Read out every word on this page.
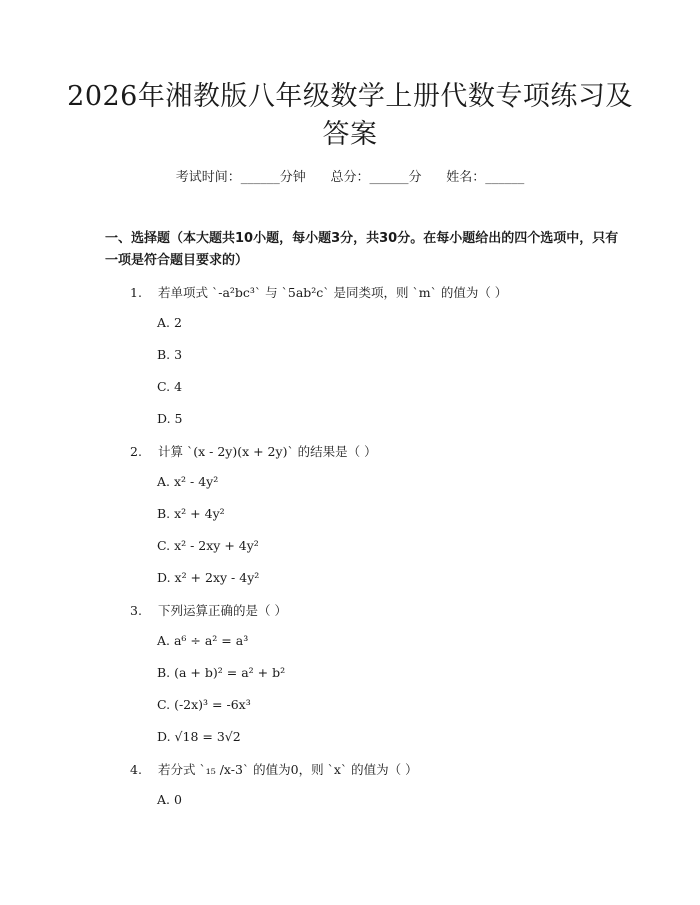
2026年湘教版八年级数学上册代数专项练习及答案
考试时间：______分钟      总分：______分      姓名：______
一、选择题（本大题共10小题，每小题3分，共30分。在每小题给出的四个选项中，只有一项是符合题目要求的）
1. 若单项式 `-a²bc³` 与 `5ab²c` 是同类项，则 `m` 的值为（ ）
A. 2
B. 3
C. 4
D. 5
2. 计算 `(x - 2y)(x + 2y)` 的结果是（ ）
A. x² - 4y²
B. x² + 4y²
C. x² - 2xy + 4y²
D. x² + 2xy - 4y²
3. 下列运算正确的是（ ）
A. a⁶ ÷ a² = a³
B. (a + b)² = a² + b²
C. (-2x)³ = -6x³
D. √18 = 3√2
4. 若分式 `₁₅ /x-3` 的值为0，则 `x` 的值为（ ）
A. 0
